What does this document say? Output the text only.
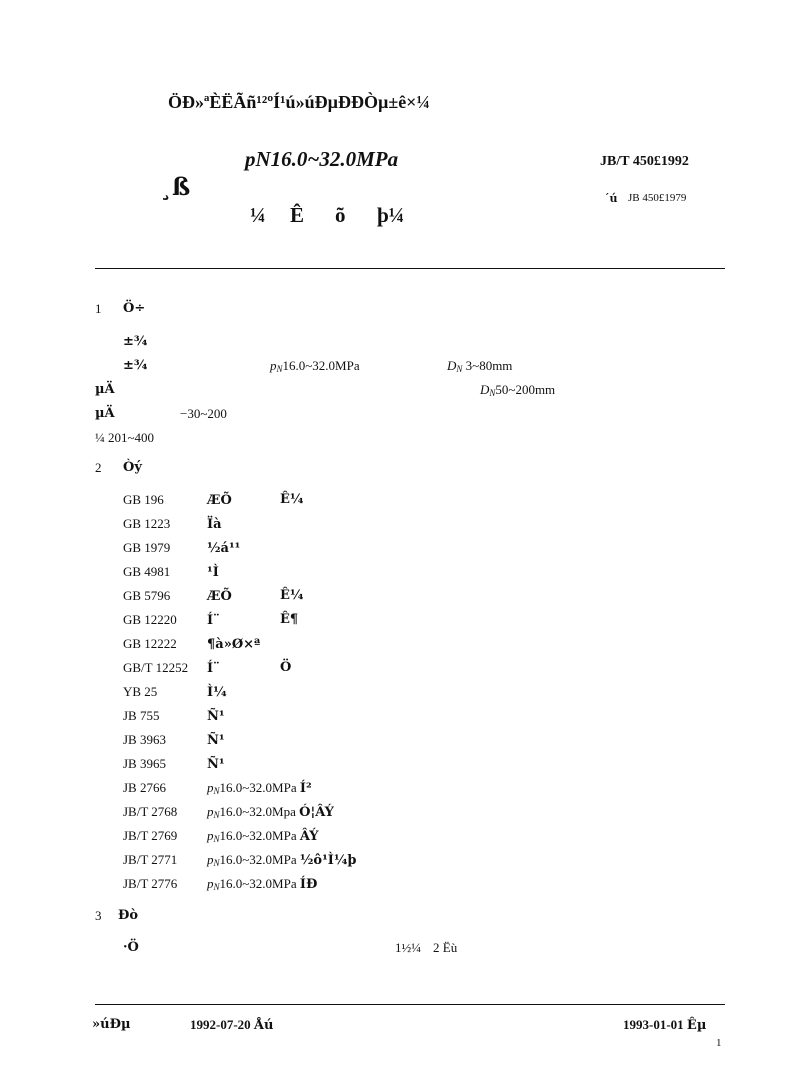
ÖÐ»ªÈËÃñ¹²ºÍ¹ú»úÐµÐÐÒµ±ê×¼
pN16.0~32.0MPa
¸ß
¼ Ê õ þ¼
JB/T 450£1992
´ú JB 450£1979
1 Ö÷
±¾
±¾	$p_N16.0\sim 32.0MPa$	$D_N$ 3~80mm
µÄ	$D_N50\sim 200mm$
µÄ	−30~200
¼ 201~400
2 Òý
GB 196	ÆÕ	Ê¼
GB 1223	Ïà
GB 1979	½á¹¹
GB 4981	¹Ì
GB 5796	ÆÕ	Ê¼
GB 12220 Í¨	Ê¶
GB 12222 ¶à»Ø×ª
GB/T 12252 Í¨	Ö
YB 25	Ì¼
JB 755	Ñ¹
JB 3963	Ñ¹
JB 3965	Ñ¹
JB 2766	$p_N16.0\sim 32.0MPa$ Í²
JB/T 2768 $p_N16.0\sim 32.0Mpa$ Ó¦ÂÝ
JB/T 2769 $p_N16.0\sim 32.0MPa$ ÂÝ
JB/T 2771 $p_N16.0\sim 32.0MPa$ ½ô¹Ì¼þ
JB/T 2776 $p_N16.0\sim 32.0MPa$ ÍÐ
3 Ðò
·Ö	1½¼ 2 Ëù
»úÐµ	1992-07-20 Åú	1993-01-01 Êµ
1
